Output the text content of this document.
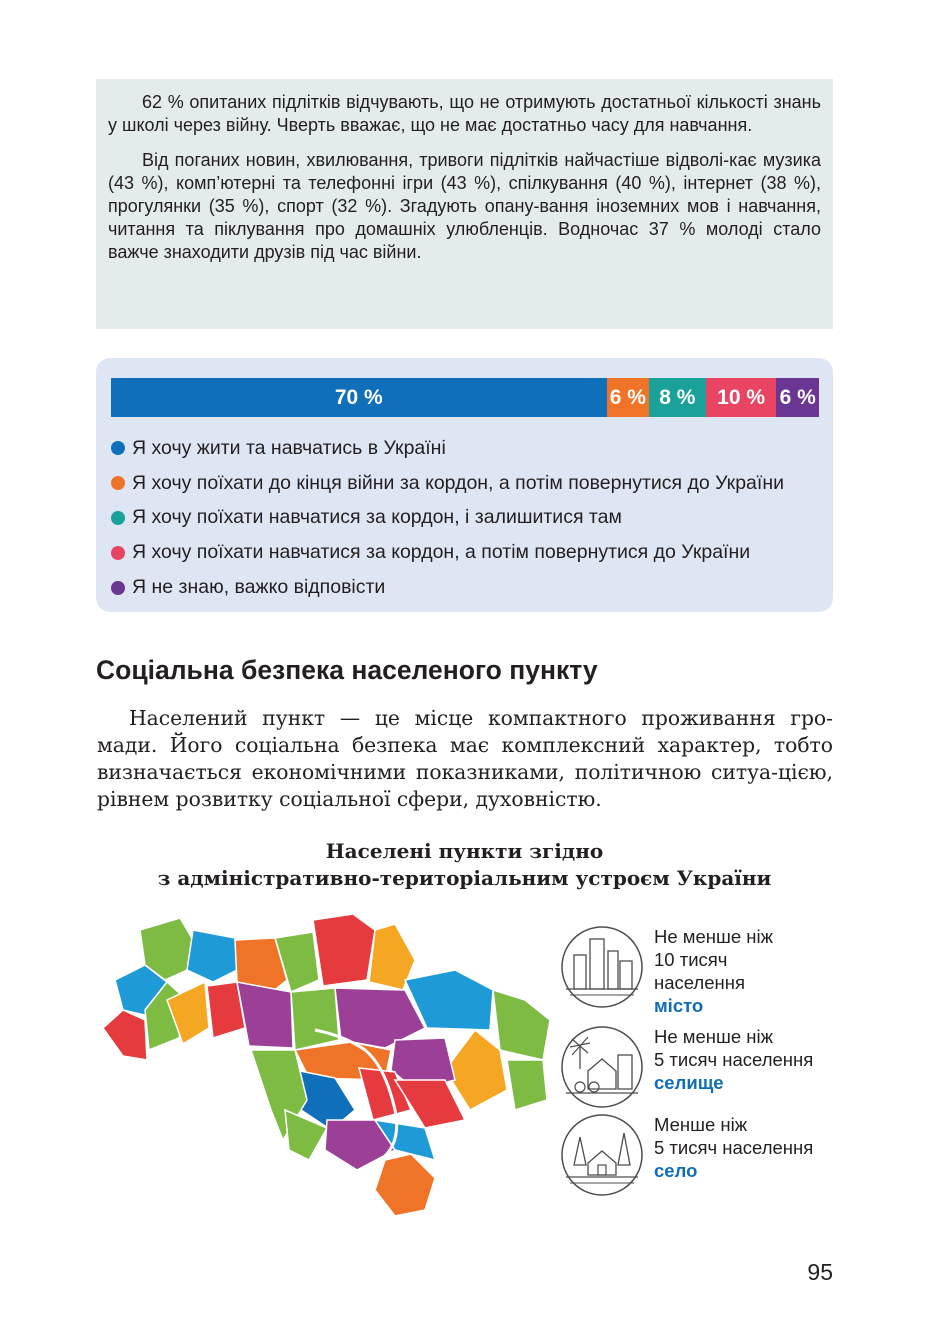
62 % опитаних підлітків відчувають, що не отримують достатньої кількості знань у школі через війну. Чверть вважає, що не має достатньо часу для навчання.

Від поганих новин, хвилювання, тривоги підлітків найчастіше відволі-кає музика (43 %), комп’ютерні та телефонні ігри (43 %), спілкування (40 %), інтернет (38 %), прогулянки (35 %), спорт (32 %). Згадують опану-вання іноземних мов і навчання, читання та піклування про домашніх улюбленців. Водночас 37 % молоді стало важче знаходити друзів під час війни.

70 %	6 % 8 % 10 % 6 %
Я хочу жити та навчатись в Україні
Я хочу поїхати до кінця війни за кордон, а потім повернутися до України
Я хочу поїхати навчатися за кордон, і залишитися там
Я хочу поїхати навчатися за кордон, а потім повернутися до України
Я не знаю, важко відповісти
Соціальна безпека населеного пункту

Населений пункт — це місце компактного проживання гро-мади. Його соціальна безпека має комплексний характер, тобто визначається економічними показниками, політичною ситуа-цією, рівнем розвитку соціальної сфери, духовністю.

Населені пункти згідно
з адміністративно-територіальним устроєм України
Не менше ніж
10 тисяч
населення
місто
Не менше ніж
5 тисяч населення
селище
Менше ніж
5 тисяч населення
село
95
